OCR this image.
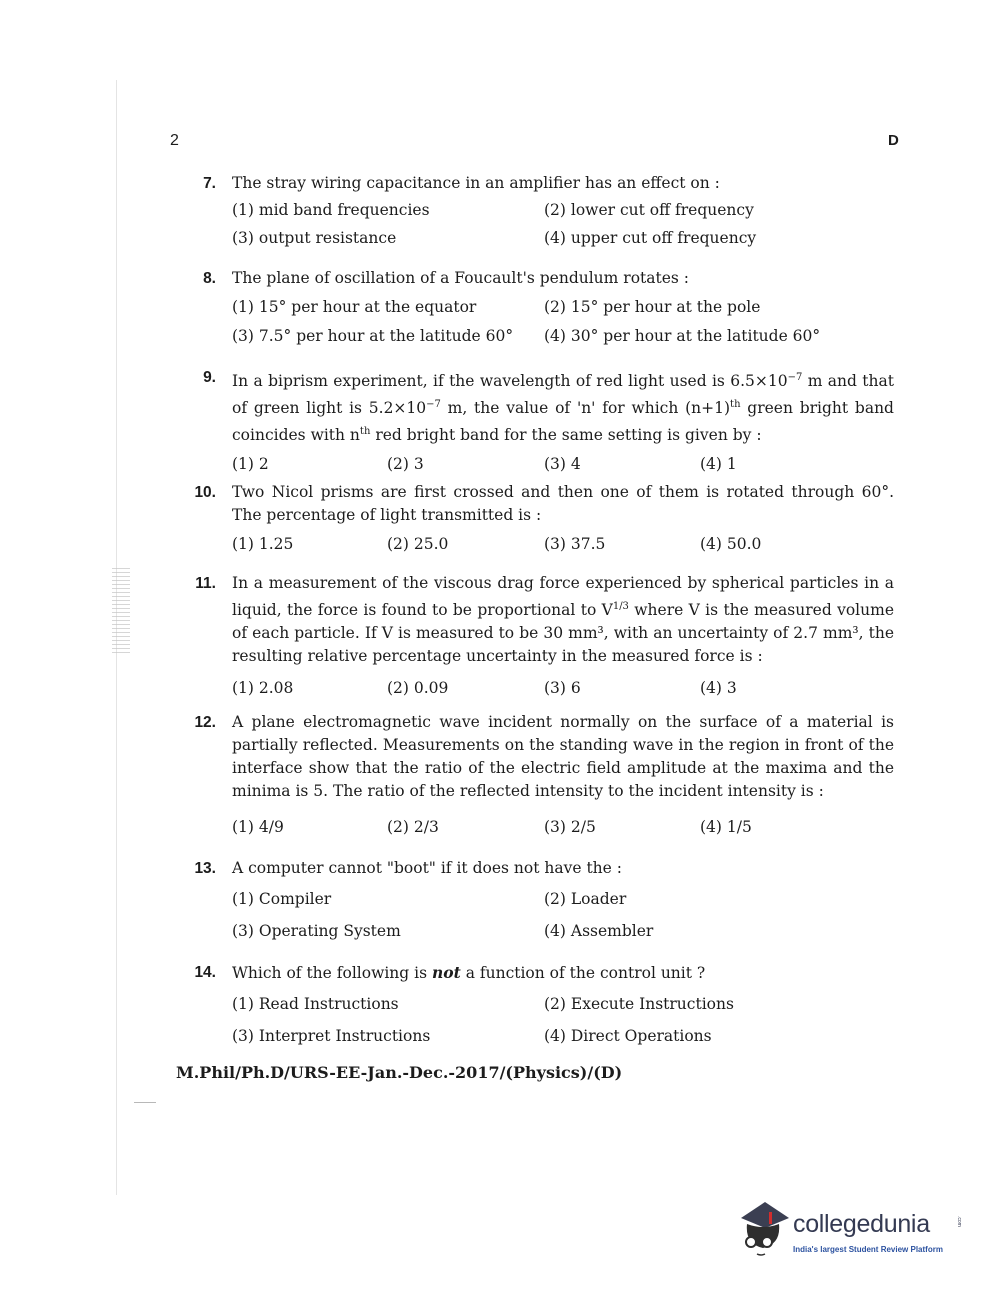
2	D
7. The stray wiring capacitance in an amplifier has an effect on :
(1) mid band frequencies	(2) lower cut off frequency
(3) output resistance	(4) upper cut off frequency
8. The plane of oscillation of a Foucault's pendulum rotates :
(1) 15° per hour at the equator	(2) 15° per hour at the pole
(3) 7.5° per hour at the latitude 60° (4) 30° per hour at the latitude 60°
9. In a biprism experiment, if the wavelength of red light used is $6.5\times 10^{-7}$ m and that of green light is $5.2\times 10^{-7}$ m, the value of 'n' for which $(n+1)^{th}$ green bright band coincides with $n^{th}$ red bright band for the same setting is given by :
(1) 2	(2) 3	(3) 4	(4) 1
10. Two Nicol prisms are first crossed and then one of them is rotated through 60°. The percentage of light transmitted is :
(1) 1.25	(2) 25.0	(3) 37.5	(4) 50.0
11. In a measurement of the viscous drag force experienced by spherical particles in a liquid, the force is found to be proportional to $V^{1/3}$ where V is the measured volume of each particle. If V is measured to be 30 mm³, with an uncertainty of 2.7 mm³, the resulting relative percentage uncertainty in the measured force is :
(1) 2.08	(2) 0.09	(3) 6	(4) 3
12. A plane electromagnetic wave incident normally on the surface of a material is partially reflected. Measurements on the standing wave in the region in front of the interface show that the ratio of the electric field amplitude at the maxima and the minima is 5. The ratio of the reflected intensity to the incident intensity is :
(1) 4/9	(2) 2/3	(3) 2/5	(4) 1/5
13. A computer cannot "boot" if it does not have the :
(1) Compiler	(2) Loader
(3) Operating System	(4) Assembler
14. Which of the following is not a function of the control unit ?
(1) Read Instructions	(2) Execute Instructions
(3) Interpret Instructions	(4) Direct Operations
M.Phil/Ph.D/URS-EE-Jan.-Dec.-2017/(Physics)/(D)
collegedunia	.com
India's largest Student Review Platform
